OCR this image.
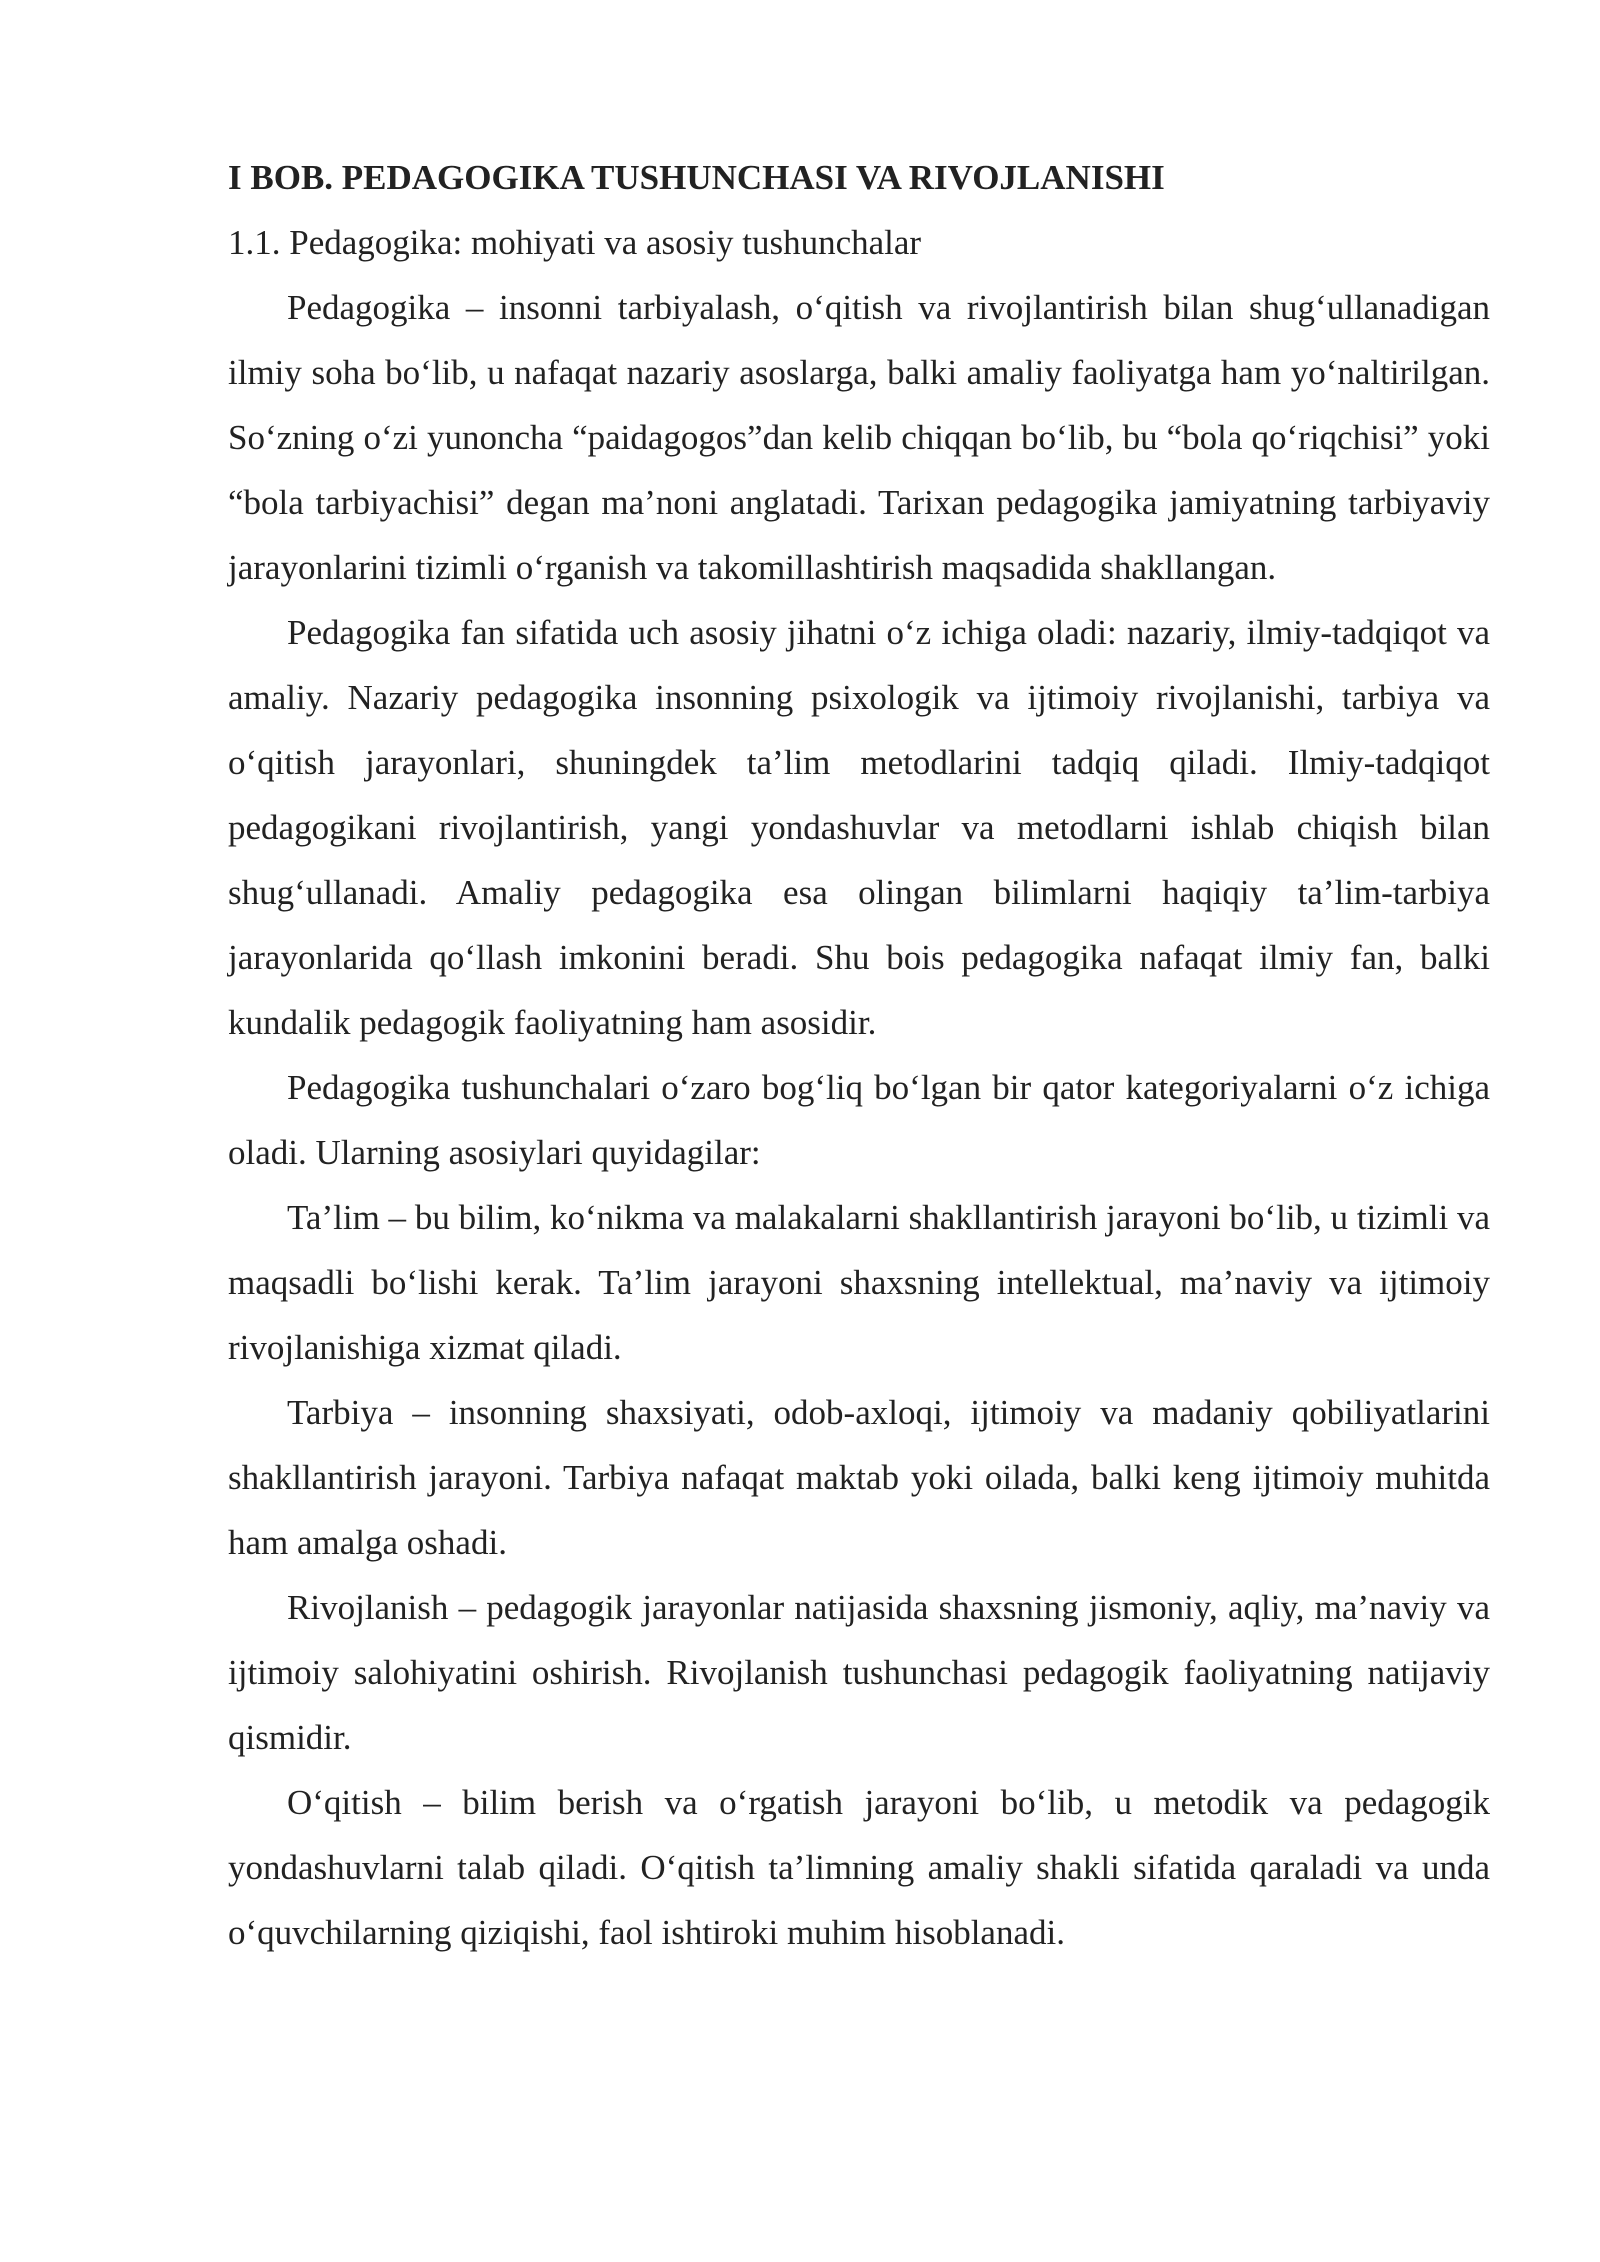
I BOB. PEDAGOGIKA TUSHUNCHASI VA RIVOJLANISHI
1.1. Pedagogika: mohiyati va asosiy tushunchalar

Pedagogika – insonni tarbiyalash, o‘qitish va rivojlantirish bilan shug‘ullanadigan ilmiy soha bo‘lib, u nafaqat nazariy asoslarga, balki amaliy faoliyatga ham yo‘naltirilgan. So‘zning o‘zi yunoncha “paidagogos”dan kelib chiqqan bo‘lib, bu “bola qo‘riqchisi” yoki “bola tarbiyachisi” degan ma’noni anglatadi. Tarixan pedagogika jamiyatning tarbiyaviy jarayonlarini tizimli o‘rganish va takomillashtirish maqsadida shakllangan.

Pedagogika fan sifatida uch asosiy jihatni o‘z ichiga oladi: nazariy, ilmiy-tadqiqot va amaliy. Nazariy pedagogika insonning psixologik va ijtimoiy rivojlanishi, tarbiya va o‘qitish jarayonlari, shuningdek ta’lim metodlarini tadqiq qiladi. Ilmiy-tadqiqot pedagogikani rivojlantirish, yangi yondashuvlar va metodlarni ishlab chiqish bilan shug‘ullanadi. Amaliy pedagogika esa olingan bilimlarni haqiqiy ta’lim-tarbiya jarayonlarida qo‘llash imkonini beradi. Shu bois pedagogika nafaqat ilmiy fan, balki kundalik pedagogik faoliyatning ham asosidir.

Pedagogika tushunchalari o‘zaro bog‘liq bo‘lgan bir qator kategoriyalarni o‘z ichiga oladi. Ularning asosiylari quyidagilar:

Ta’lim – bu bilim, ko‘nikma va malakalarni shakllantirish jarayoni bo‘lib, u tizimli va maqsadli bo‘lishi kerak. Ta’lim jarayoni shaxsning intellektual, ma’naviy va ijtimoiy rivojlanishiga xizmat qiladi.

Tarbiya – insonning shaxsiyati, odob-axloqi, ijtimoiy va madaniy qobiliyatlarini shakllantirish jarayoni. Tarbiya nafaqat maktab yoki oilada, balki keng ijtimoiy muhitda ham amalga oshadi.

Rivojlanish – pedagogik jarayonlar natijasida shaxsning jismoniy, aqliy, ma’naviy va ijtimoiy salohiyatini oshirish. Rivojlanish tushunchasi pedagogik faoliyatning natijaviy qismidir.

O‘qitish – bilim berish va o‘rgatish jarayoni bo‘lib, u metodik va pedagogik yondashuvlarni talab qiladi. O‘qitish ta’limning amaliy shakli sifatida qaraladi va unda o‘quvchilarning qiziqishi, faol ishtiroki muhim hisoblanadi.
